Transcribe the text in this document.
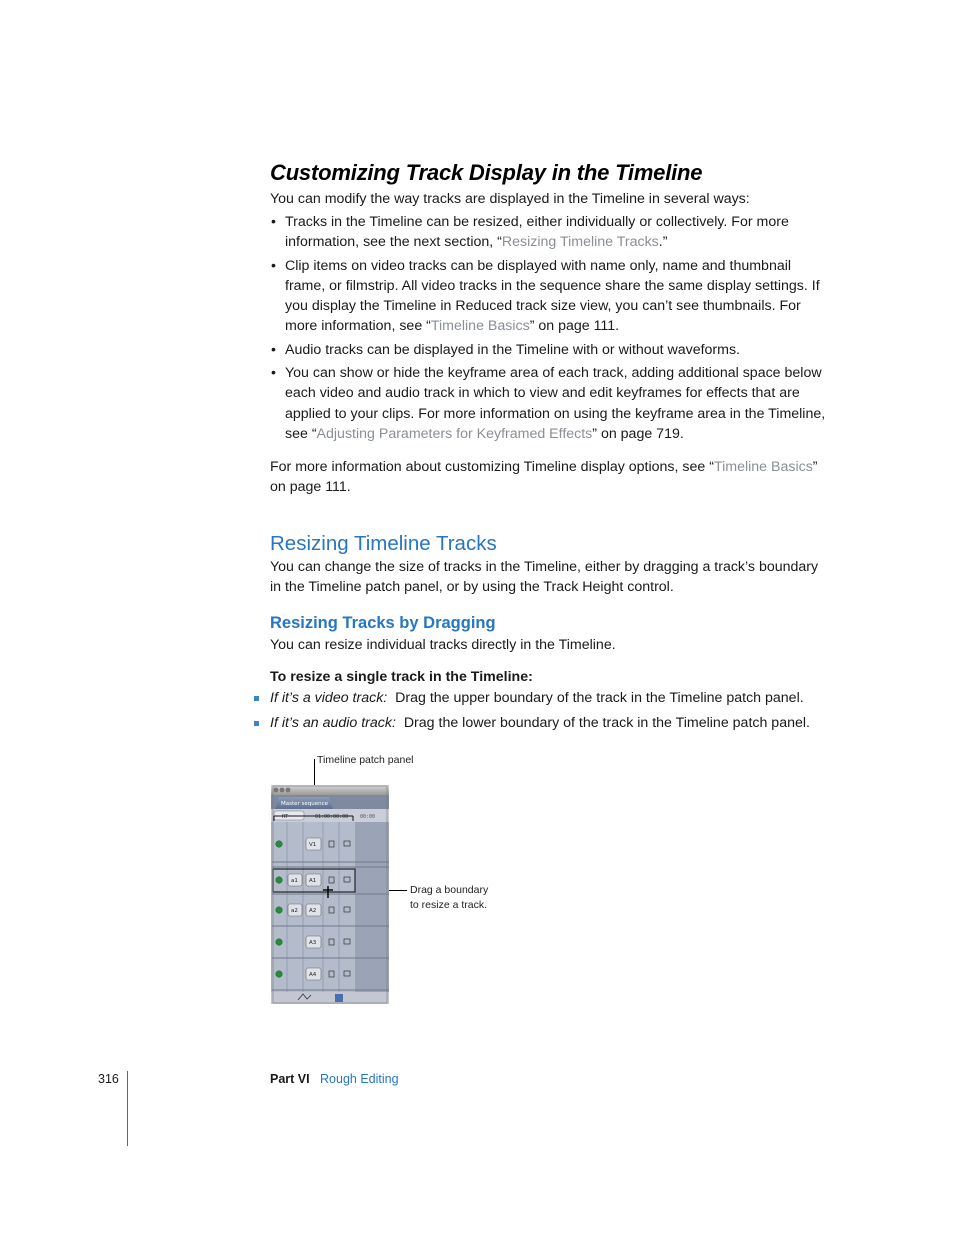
Customizing Track Display in the Timeline
You can modify the way tracks are displayed in the Timeline in several ways:
• Tracks in the Timeline can be resized, either individually or collectively. For more information, see the next section, “Resizing Timeline Tracks.”
• Clip items on video tracks can be displayed with name only, name and thumbnail frame, or filmstrip. All video tracks in the sequence share the same display settings. If you display the Timeline in Reduced track size view, you can’t see thumbnails. For more information, see “Timeline Basics” on page 111.
• Audio tracks can be displayed in the Timeline with or without waveforms.
• You can show or hide the keyframe area of each track, adding additional space below each video and audio track in which to view and edit keyframes for effects that are applied to your clips. For more information on using the keyframe area in the Timeline, see “Adjusting Parameters for Keyframed Effects” on page 719.
For more information about customizing Timeline display options, see “Timeline Basics” on page 111.
Resizing Timeline Tracks
You can change the size of tracks in the Timeline, either by dragging a track’s boundary in the Timeline patch panel, or by using the Track Height control.
Resizing Tracks by Dragging
You can resize individual tracks directly in the Timeline.
To resize a single track in the Timeline:
If it’s a video track: Drag the upper boundary of the track in the Timeline patch panel.
If it’s an audio track: Drag the lower boundary of the track in the Timeline patch panel.
Timeline patch panel
Drag a boundary
to resize a track.
Master sequence
RT	01:00:00:00 00:00
V1
a1 A1
a2 A2
A3
A4
316	Part VI Rough Editing
